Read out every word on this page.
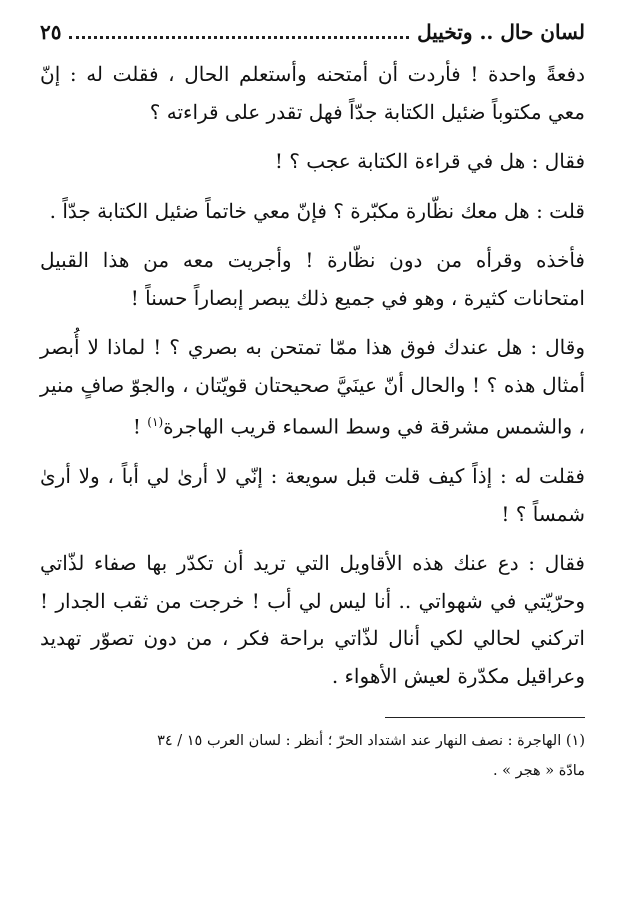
لسان حال .. وتخييل
٢٥

دفعةً واحدة ! فأردت أن أمتحنه وأستعلم الحال ، فقلت له : إنّ معي مكتوباً ضئيل الكتابة جدّاً فهل تقدر على قراءته ؟

فقال : هل في قراءة الكتابة عجب ؟ !

قلت : هل معك نظّارة مكبّرة ؟ فإنّ معي خاتماً ضئيل الكتابة جدّاً .

فأخذه وقرأه من دون نظّارة ! وأجريت معه من هذا القبيل امتحانات كثيرة ، وهو في جميع ذلك يبصر إبصاراً حسناً !

وقال : هل عندك فوق هذا ممّا تمتحن به بصري ؟ ! لماذا لا أُبصر أمثال هذه ؟ ! والحال أنّ عينَيَّ صحيحتان قويّتان ، والجوّ صافٍ منير ، والشمس مشرقة في وسط السماء قريب الهاجرة$^{(١)}$ !

فقلت له : إذاً كيف قلت قبل سويعة : إنّي لا أرىٰ لي أباً ، ولا أرىٰ شمساً ؟ !

فقال : دع عنك هذه الأقاويل التي تريد أن تكدّر بها صفاء لذّاتي وحرّيّتي في شهواتي .. أنا ليس لي أب ! خرجت من ثقب الجدار ! اتركني لحالي لكي أنال لذّاتي براحة فكر ، من دون تصوّر تهديد وعراقيل مكدّرة لعيش الأهواء .

(١) الهاجرة : نصف النهار عند اشتداد الحرّ ؛ أنظر : لسان العرب ١٥ / ٣٤

مادّة « هجر » .
